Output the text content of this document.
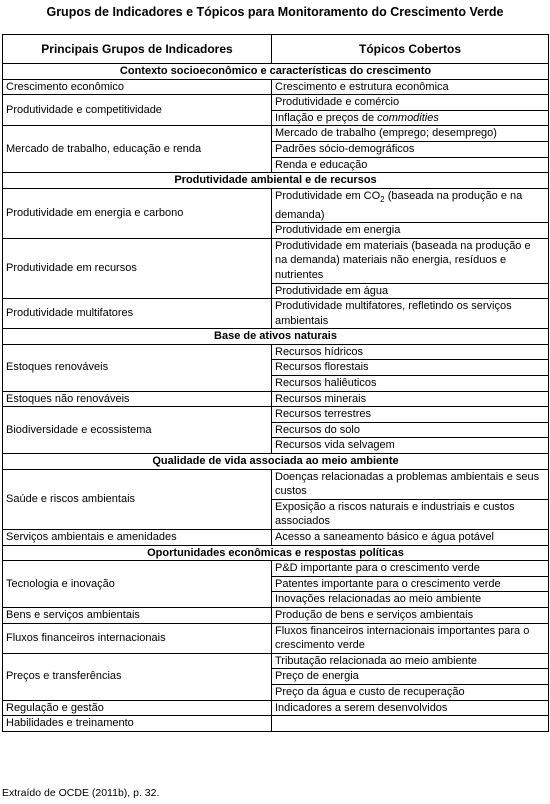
Grupos de Indicadores e Tópicos para Monitoramento do Crescimento Verde
Principais Grupos de Indicadores	Tópicos Cobertos
Contexto socioeconômico e características do crescimento	
Crescimento econômico	Crescimento e estrutura econômica
Produtividade e competitividade	Produtividade e comércio
	Inflação e preços de commodities
Mercado de trabalho, educação e renda	Mercado de trabalho (emprego; desemprego)
	Padrões sócio-demográficos
	Renda e educação
Produtividade ambiental e de recursos	
Produtividade em energia e carbono	Produtividade em $CO_2$ (baseada na produção e na demanda)
	Produtividade em energia
Produtividade em recursos	Produtividade em materiais (baseada na produção e na demanda) materiais não energia, resíduos e nutrientes
	Produtividade em água
Produtividade multifatores	Produtividade multifatores, refletindo os serviços ambientais
Base de ativos naturais	
Estoques renováveis	Recursos hídricos
	Recursos florestais
	Recursos haliêuticos
Estoques não renováveis	Recursos minerais
Biodiversidade e ecossistema	Recursos terrestres
	Recursos do solo
	Recursos vida selvagem
Qualidade de vida associada ao meio ambiente	
Saúde e riscos ambientais	Doenças relacionadas a problemas ambientais e seus custos
	Exposição a riscos naturais e industriais e custos associados
Serviços ambientais e amenidades	Acesso a saneamento básico e água potável
Oportunidades econômicas e respostas políticas	
Tecnologia e inovação	P&D importante para o crescimento verde
	Patentes importante para o crescimento verde
	Inovações relacionadas ao meio ambiente
Bens e serviços ambientais	Produção de bens e serviços ambientais
Fluxos financeiros internacionais	Fluxos financeiros internacionais importantes para o crescimento verde
Preços e transferências	Tributação relacionada ao meio ambiente
	Preço de energia
	Preço da água e custo de recuperação
Regulação e gestão	Indicadores a serem desenvolvidos
Habilidades e treinamento	
Extraído de OCDE (2011b), p. 32.
